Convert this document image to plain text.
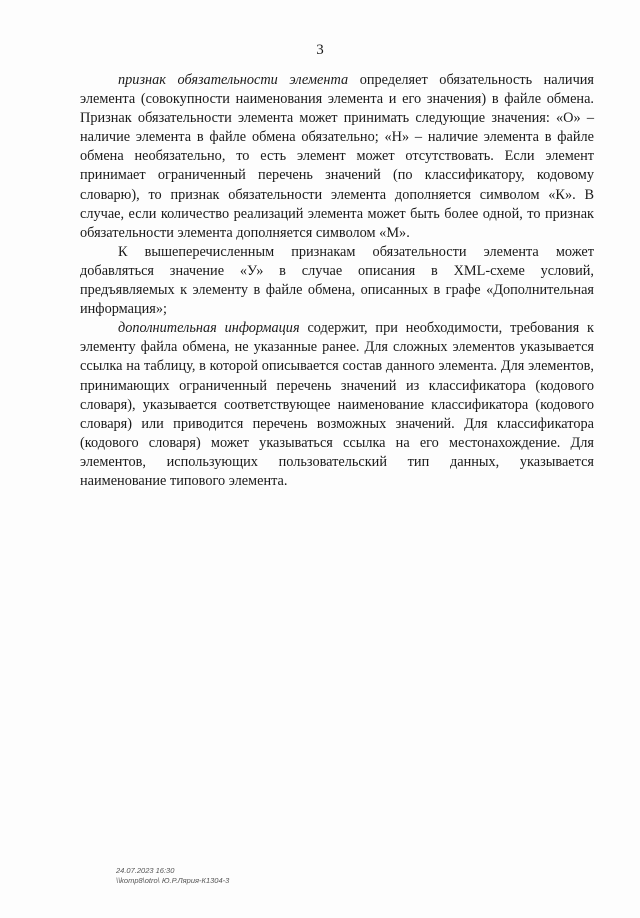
3

признак обязательности элемента определяет обязательность наличия элемента (совокупности наименования элемента и его значения) в файле обмена. Признак обязательности элемента может принимать следующие значения: «О» – наличие элемента в файле обмена обязательно; «Н» – наличие элемента в файле обмена необязательно, то есть элемент может отсутствовать. Если элемент принимает ограниченный перечень значений (по классификатору, кодовому словарю), то признак обязательности элемента дополняется символом «К». В случае, если количество реализаций элемента может быть более одной, то признак обязательности элемента дополняется символом «М».

К вышеперечисленным признакам обязательности элемента может добавляться значение «У» в случае описания в XML-схеме условий, предъявляемых к элементу в файле обмена, описанных в графе «Дополнительная информация»;

дополнительная информация содержит, при необходимости, требования к элементу файла обмена, не указанные ранее. Для сложных элементов указывается ссылка на таблицу, в которой описывается состав данного элемента. Для элементов, принимающих ограниченный перечень значений из классификатора (кодового словаря), указывается соответствующее наименование классификатора (кодового словаря) или приводится перечень возможных значений. Для классификатора (кодового словаря) может указываться ссылка на его местонахождение. Для элементов, использующих пользовательский тип данных, указывается наименование типового элемента.

24.07.2023 16:30
\\komp8\otro\ Ю.Р.Лярия-К1304-3
